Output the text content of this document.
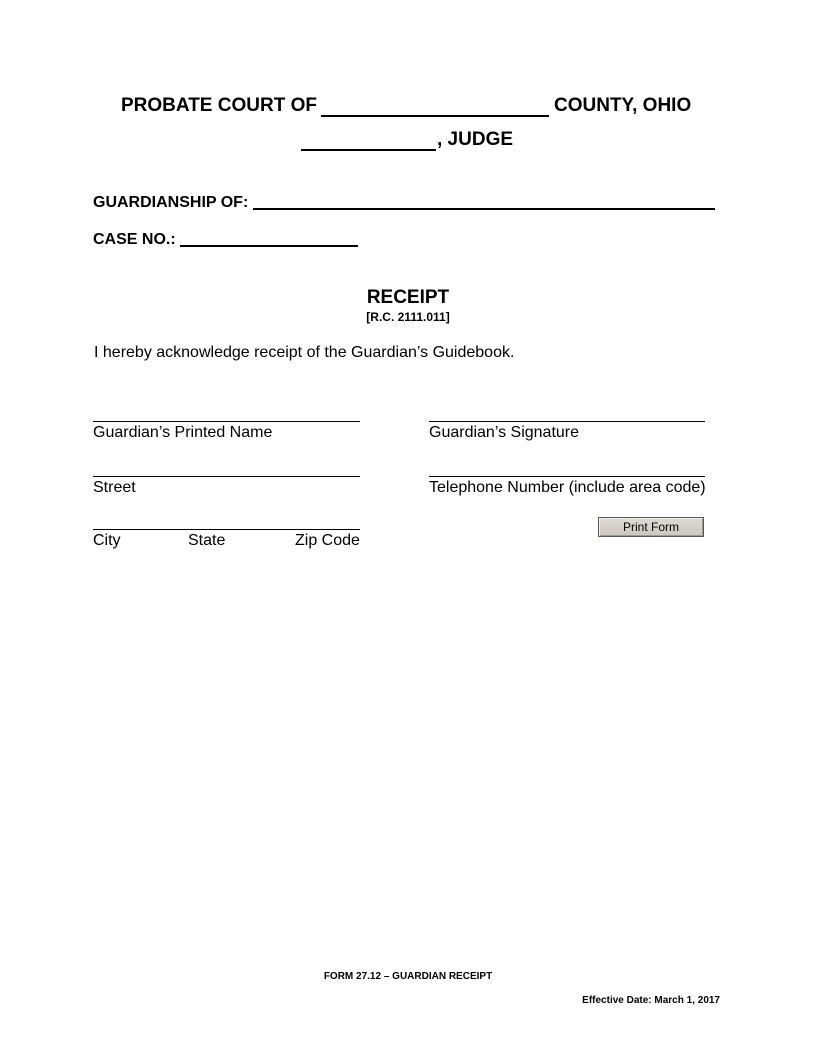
PROBATE COURT OF	COUNTY, OHIO
, JUDGE
GUARDIANSHIP OF:
CASE NO.:
RECEIPT
[R.C. 2111.011]
I hereby acknowledge receipt of the Guardian’s Guidebook.
Guardian’s Printed Name	Guardian’s Signature
Street	Telephone Number (include area code)
City	State	Zip Code
Print Form
FORM 27.12 – GUARDIAN RECEIPT
Effective Date: March 1, 2017
